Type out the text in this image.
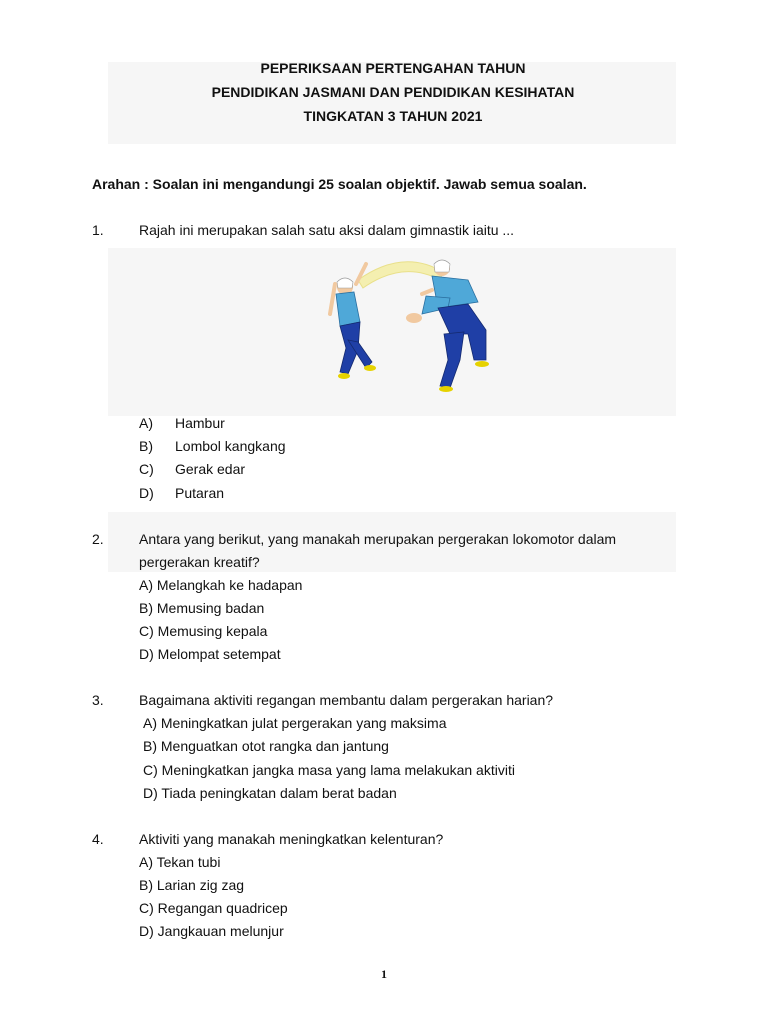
PEPERIKSAAN PERTENGAHAN TAHUN
PENDIDIKAN JASMANI DAN PENDIDIKAN KESIHATAN
TINGKATAN 3 TAHUN 2021
Arahan : Soalan ini mengandungi 25 soalan objektif. Jawab semua soalan.
1.	Rajah ini merupakan salah satu aksi dalam gimnastik iaitu ...
A) Hambur
B) Lombol kangkang
C) Gerak edar
D) Putaran
2.	Antara yang berikut, yang manakah merupakan pergerakan lokomotor dalam
pergerakan kreatif?
A) Melangkah ke hadapan
B) Memusing badan
C) Memusing kepala
D) Melompat setempat
3.	Bagaimana aktiviti regangan membantu dalam pergerakan harian?
A) Meningkatkan julat pergerakan yang maksima
B) Menguatkan otot rangka dan jantung
C) Meningkatkan jangka masa yang lama melakukan aktiviti
D) Tiada peningkatan dalam berat badan
4.	Aktiviti yang manakah meningkatkan kelenturan?
A) Tekan tubi
B) Larian zig zag
C) Regangan quadricep
D) Jangkauan melunjur
1
